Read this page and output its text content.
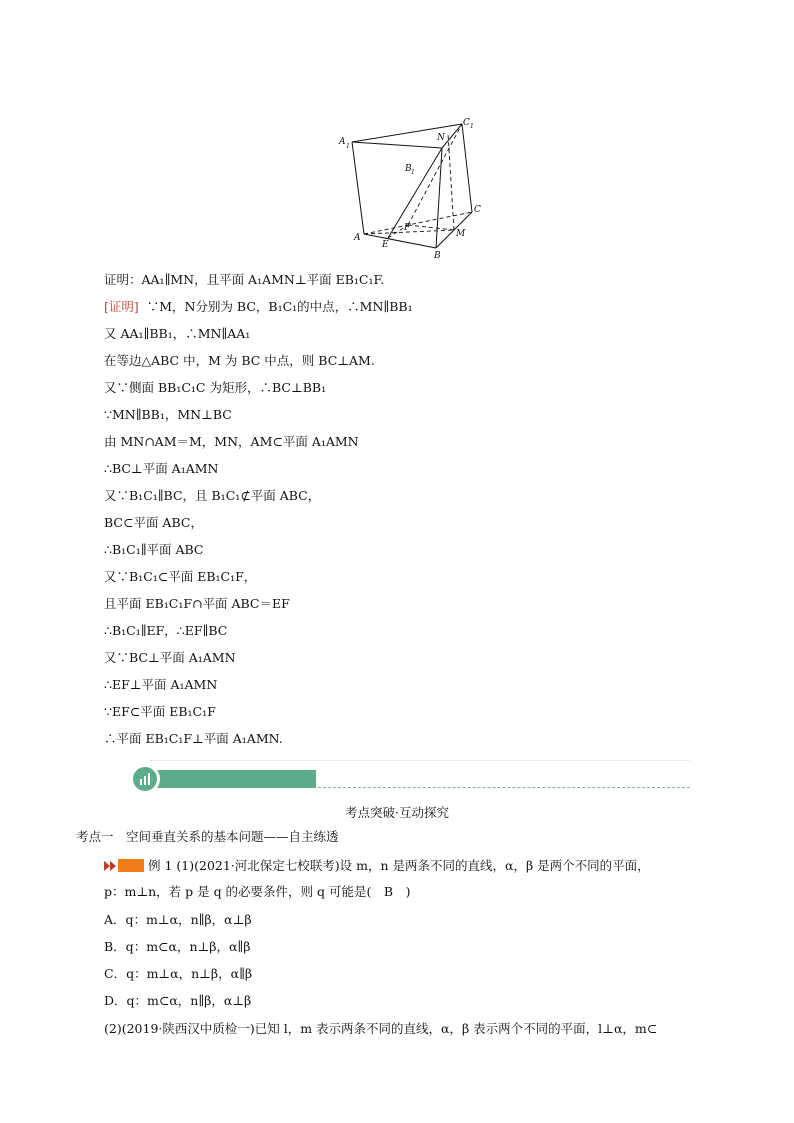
A 1
C 1
N
B 1
C
A
F
M
E
B
证明：AA₁∥MN，且平面 A₁AMN⊥平面 EB₁C₁F.
[证明] ∵M，N分别为 BC，B₁C₁的中点，∴MN∥BB₁
又 AA₁∥BB₁，∴MN∥AA₁
在等边△ABC 中，M 为 BC 中点，则 BC⊥AM.
又∵侧面 BB₁C₁C 为矩形，∴BC⊥BB₁
∵MN∥BB₁，MN⊥BC
由 MN∩AM＝M，MN，AM⊂平面 A₁AMN
∴BC⊥平面 A₁AMN
又∵B₁C₁∥BC，且 B₁C₁⊄平面 ABC，
BC⊂平面 ABC，
∴B₁C₁∥平面 ABC
又∵B₁C₁⊂平面 EB₁C₁F，
且平面 EB₁C₁F∩平面 ABC＝EF
∴B₁C₁∥EF，∴EF∥BC
又∵BC⊥平面 A₁AMN
∴EF⊥平面 A₁AMN
∵EF⊂平面 EB₁C₁F
∴平面 EB₁C₁F⊥平面 A₁AMN.
考点突破·互动探究
考点一　空间垂直关系的基本问题——自主练透
例 1 (1)(2021·河北保定七校联考)设 m，n 是两条不同的直线，α，β 是两个不同的平面，
p：m⊥n，若 p 是 q 的必要条件，则 q 可能是(　B　)
A．q：m⊥α，n∥β，α⊥β
B．q：m⊂α，n⊥β，α∥β
C．q：m⊥α，n⊥β，α∥β
D．q：m⊂α，n∥β，α⊥β
(2)(2019·陕西汉中质检一)已知 l，m 表示两条不同的直线，α，β 表示两个不同的平面，l⊥α，m⊂
